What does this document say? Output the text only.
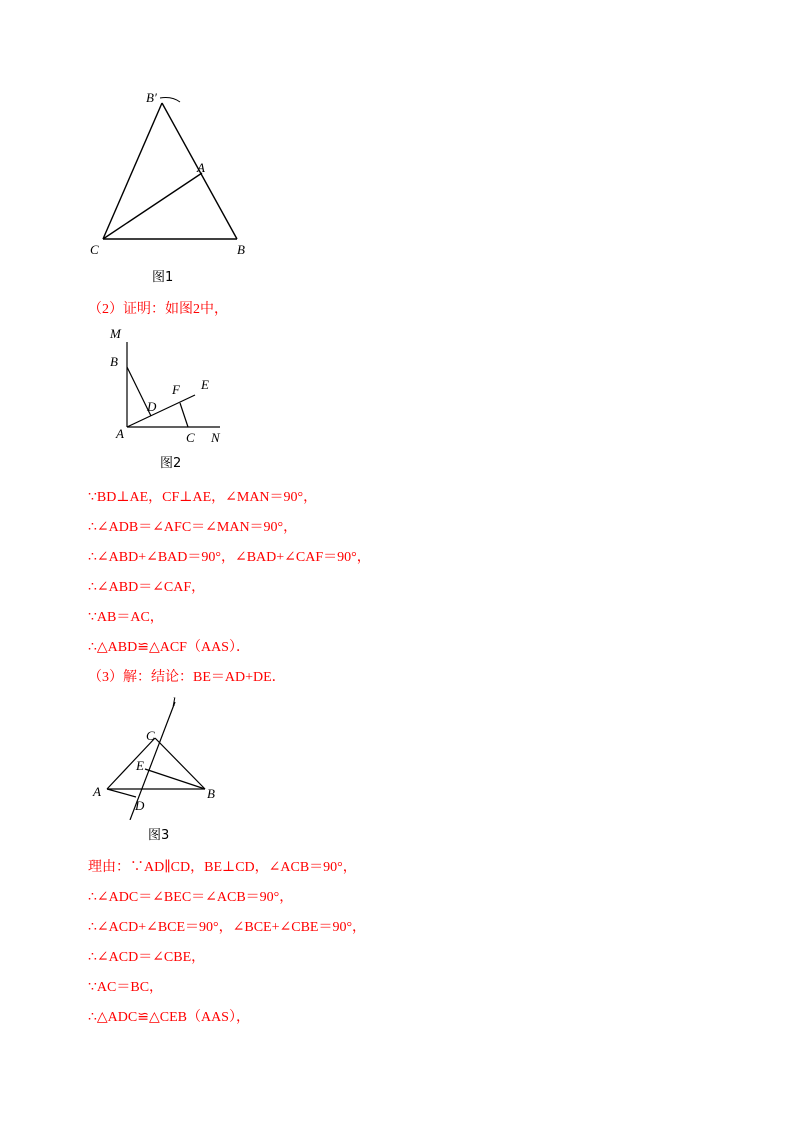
B′
A
C	B
图1
（2）证明：如图2中，
M
B
D
F E
A	C N
图2
∵BD⊥AE，CF⊥AE，∠MAN＝90°，
∴∠ADB＝∠AFC＝∠MAN＝90°，
∴∠ABD+∠BAD＝90°，∠BAD+∠CAF＝90°，
∴∠ABD＝∠CAF，
∵AB＝AC，
∴△ABD≌△ACF（AAS）．
（3）解：结论：BE＝AD+DE．
l
C
E
A	B
D
图3
理由：∵AD∥CD，BE⊥CD，∠ACB＝90°，
∴∠ADC＝∠BEC＝∠ACB＝90°，
∴∠ACD+∠BCE＝90°，∠BCE+∠CBE＝90°，
∴∠ACD＝∠CBE，
∵AC＝BC，
∴△ADC≌△CEB（AAS），
